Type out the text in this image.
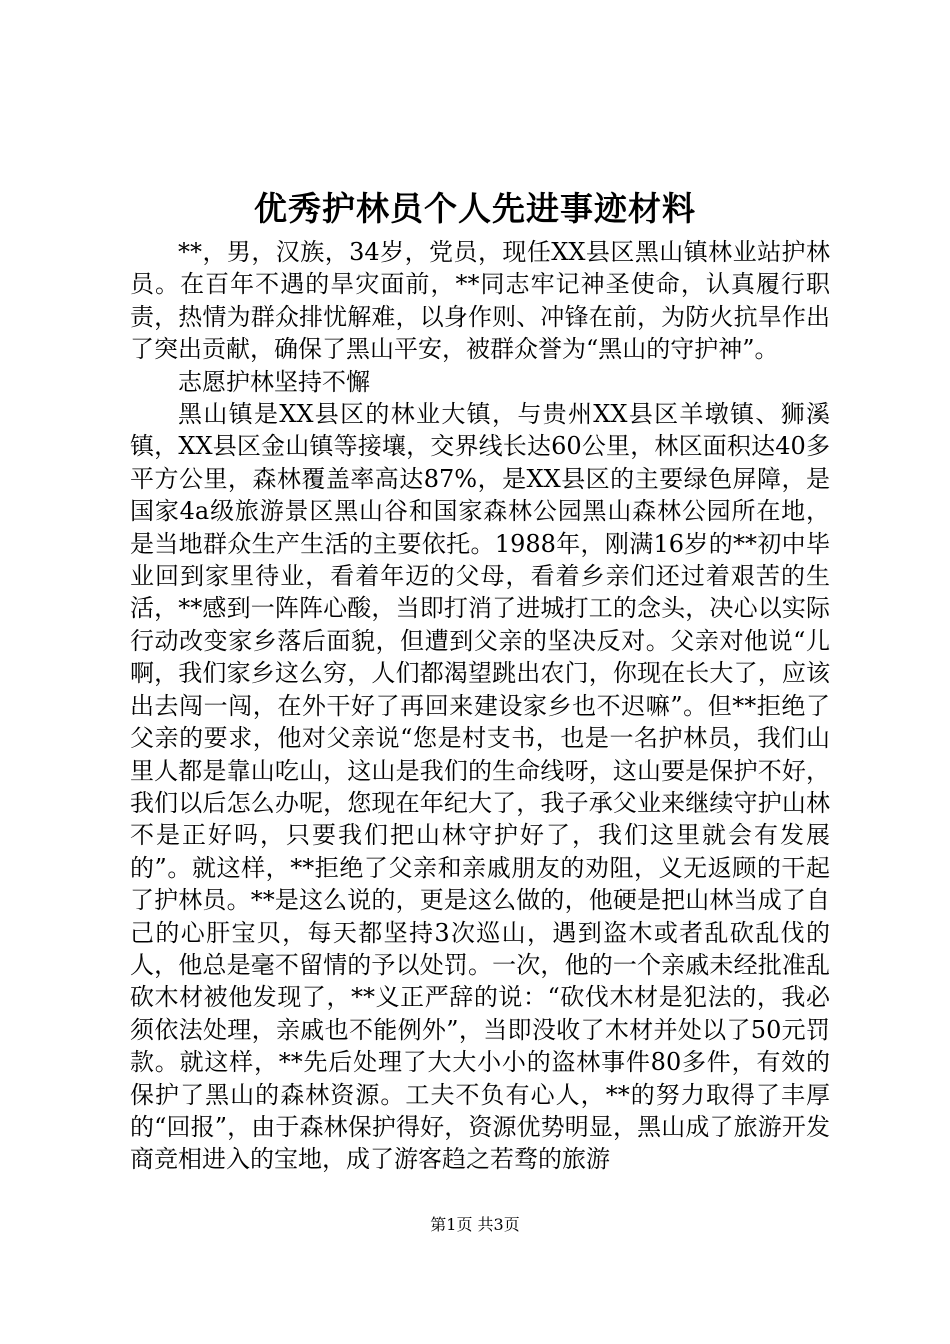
优秀护林员个人先进事迹材料

**，男，汉族，34岁，党员，现任XX县区黑山镇林业站护林员。在百年不遇的旱灾面前，**同志牢记神圣使命，认真履行职责，热情为群众排忧解难，以身作则、冲锋在前，为防火抗旱作出了突出贡献，确保了黑山平安，被群众誉为“黑山的守护神”。

志愿护林坚持不懈

黑山镇是XX县区的林业大镇，与贵州XX县区羊墩镇、狮溪镇，XX县区金山镇等接壤，交界线长达60公里，林区面积达40多平方公里，森林覆盖率高达87%，是XX县区的主要绿色屏障，是国家4a级旅游景区黑山谷和国家森林公园黑山森林公园所在地，是当地群众生产生活的主要依托。1988年，刚满16岁的**初中毕业回到家里待业，看着年迈的父母，看着乡亲们还过着艰苦的生活，**感到一阵阵心酸，当即打消了进城打工的念头，决心以实际行动改变家乡落后面貌，但遭到父亲的坚决反对。父亲对他说“儿啊，我们家乡这么穷，人们都渴望跳出农门，你现在长大了，应该出去闯一闯，在外干好了再回来建设家乡也不迟嘛”。但**拒绝了父亲的要求，他对父亲说“您是村支书，也是一名护林员，我们山里人都是靠山吃山，这山是我们的生命线呀，这山要是保护不好，我们以后怎么办呢，您现在年纪大了，我子承父业来继续守护山林不是正好吗，只要我们把山林守护好了，我们这里就会有发展的”。就这样，**拒绝了父亲和亲戚朋友的劝阻，义无返顾的干起了护林员。**是这么说的，更是这么做的，他硬是把山林当成了自己的心肝宝贝，每天都坚持3次巡山，遇到盗木或者乱砍乱伐的人，他总是毫不留情的予以处罚。一次，他的一个亲戚未经批准乱砍木材被他发现了，**义正严辞的说：“砍伐木材是犯法的，我必须依法处理，亲戚也不能例外”，当即没收了木材并处以了50元罚款。就这样，**先后处理了大大小小的盗林事件80多件，有效的保护了黑山的森林资源。工夫不负有心人，**的努力取得了丰厚的“回报”，由于森林保护得好，资源优势明显，黑山成了旅游开发商竞相进入的宝地，成了游客趋之若骛的旅游

第1页 共3页
